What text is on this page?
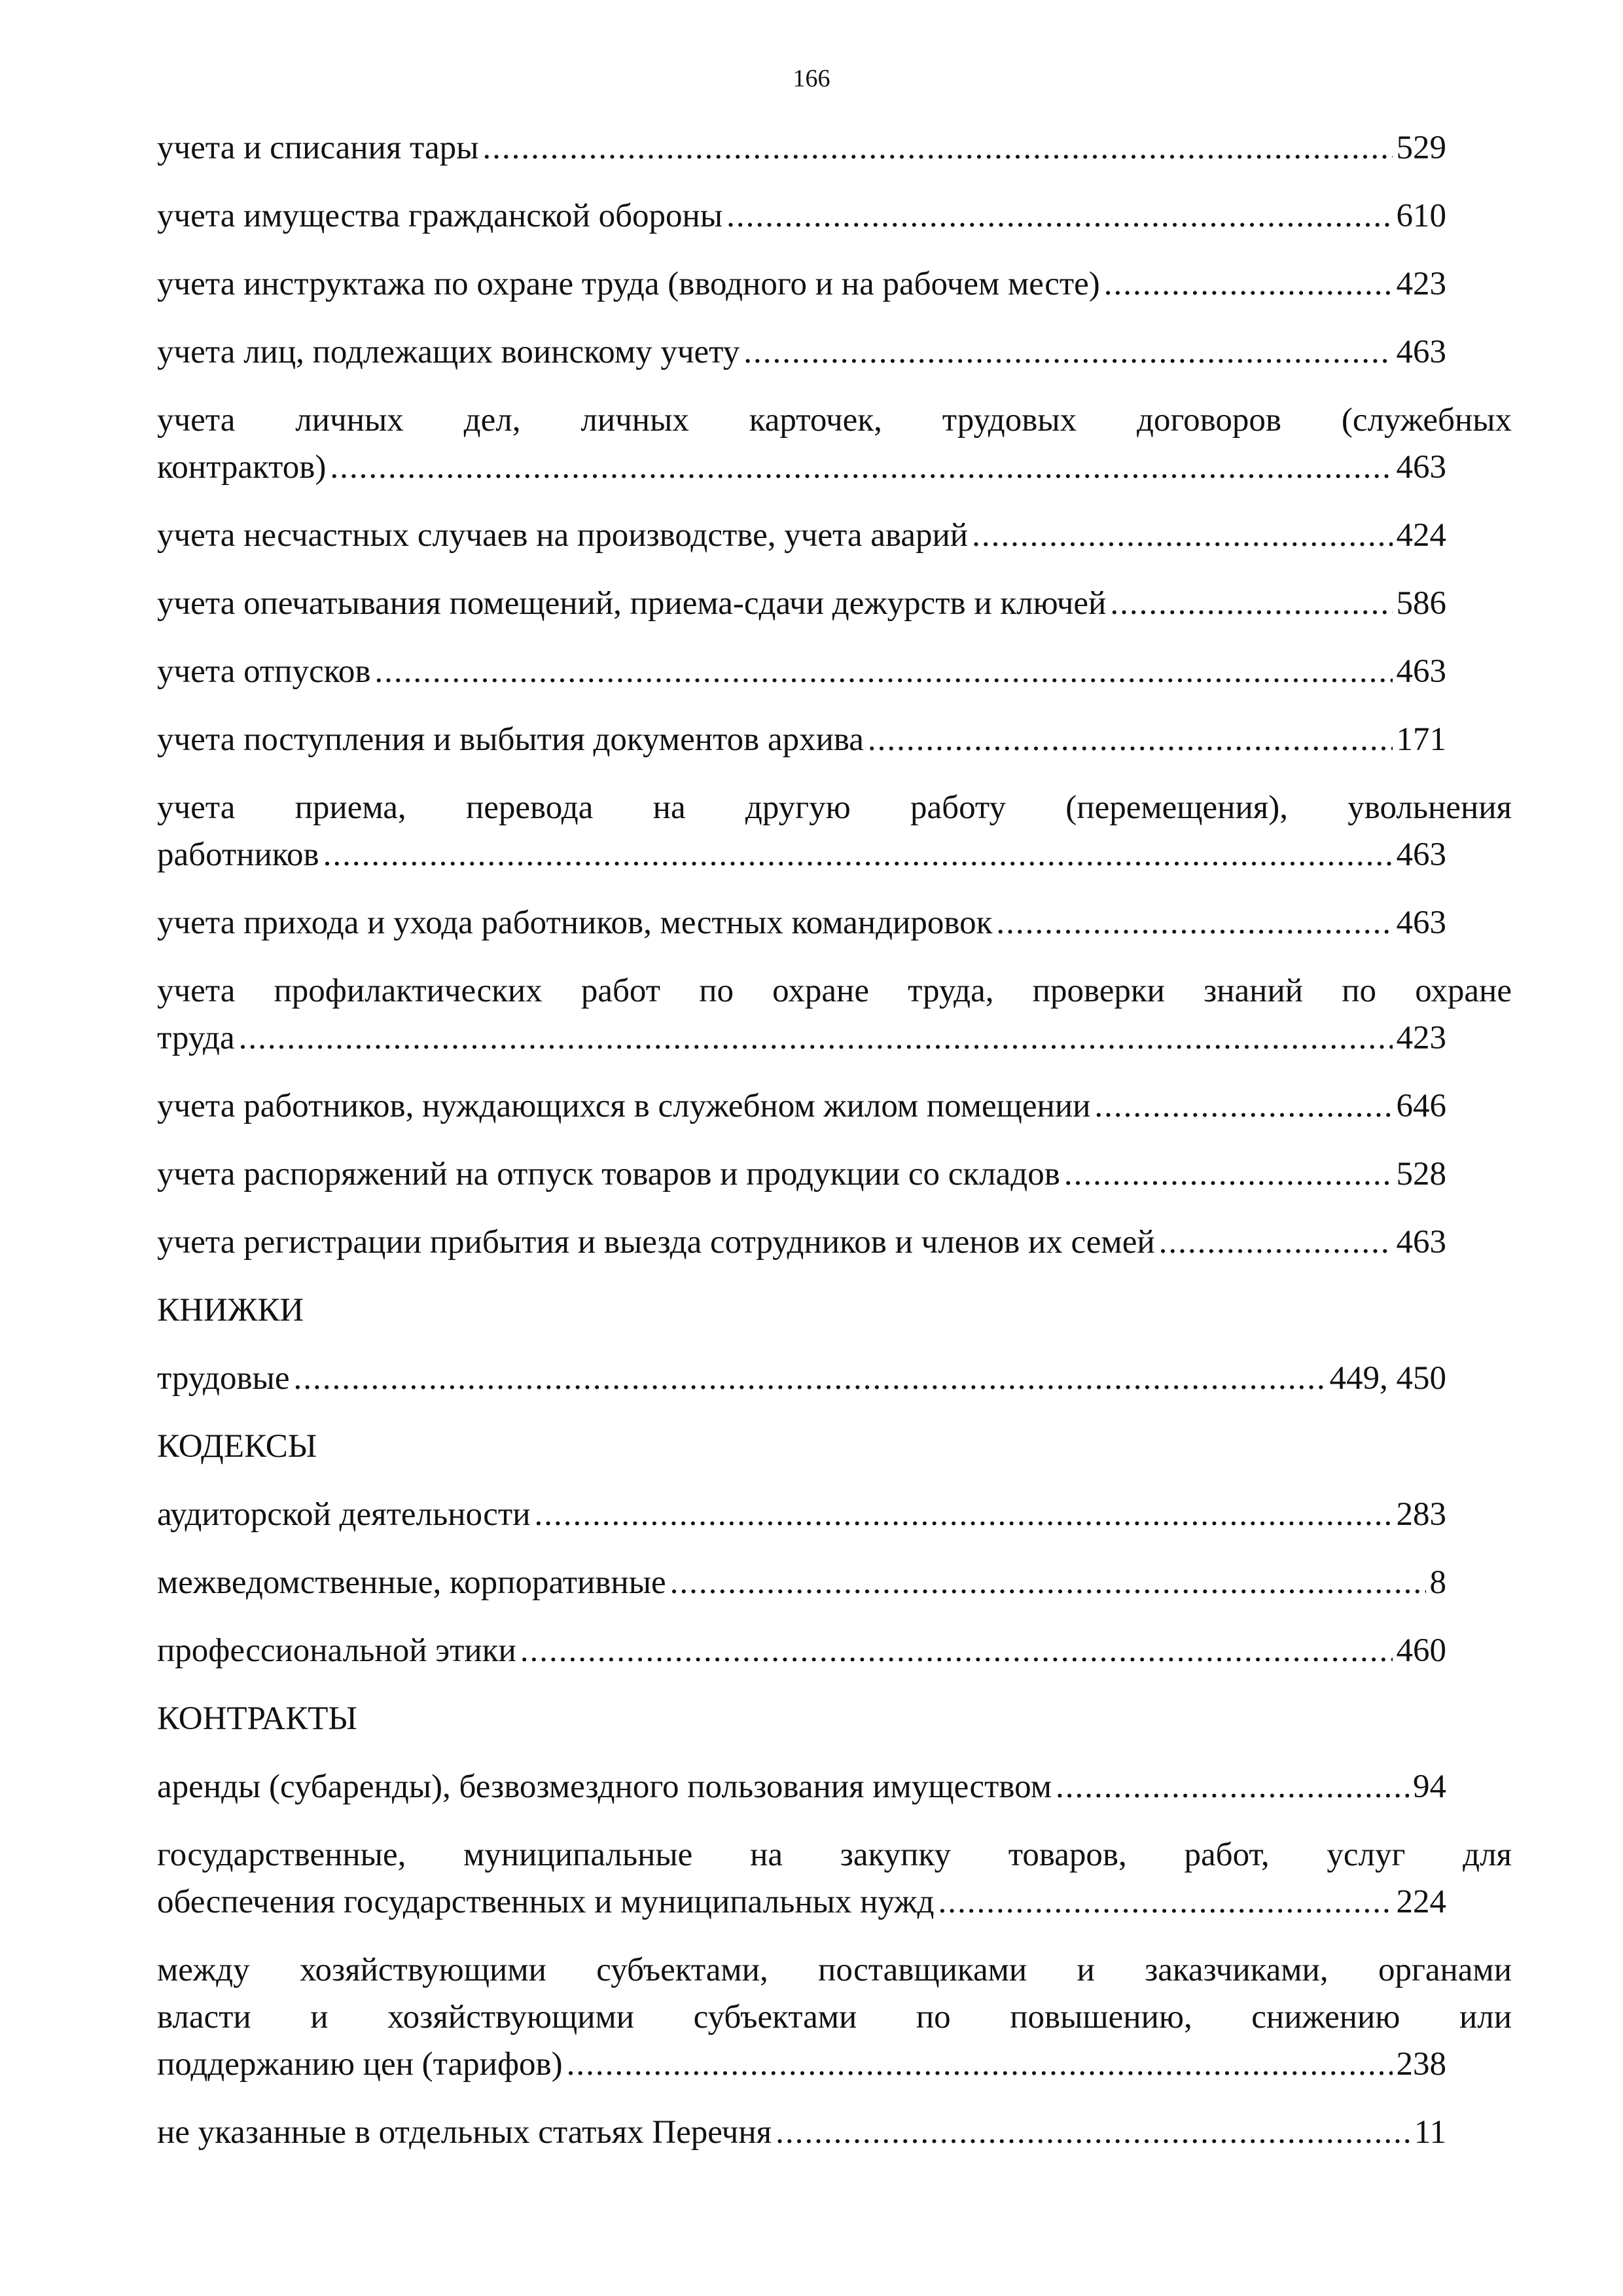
166
учета и списания тары .....	529
учета имущества гражданской обороны .....	610
учета инструктажа по охране труда (вводного и на рабочем месте) .....	423
учета лиц, подлежащих воинскому учету .....	463
учета личных дел, личных карточек, трудовых договоров (служебных
контрактов) .....	463
учета несчастных случаев на производстве, учета аварий .....	424
учета опечатывания помещений, приема-сдачи дежурств и ключей .....	586
учета отпусков .....	463
учета поступления и выбытия документов архива .....	171
учета приема, перевода на другую работу (перемещения), увольнения
работников .....	463
учета прихода и ухода работников, местных командировок .....	463
учета профилактических работ по охране труда, проверки знаний по охране
труда .....	423
учета работников, нуждающихся в служебном жилом помещении .....	646
учета распоряжений на отпуск товаров и продукции со складов .....	528
учета регистрации прибытия и выезда сотрудников и членов их семей .....	463
КНИЖКИ
трудовые .....	449, 450
КОДЕКСЫ
аудиторской деятельности .....	283
межведомственные, корпоративные .....	8
профессиональной этики .....	460
КОНТРАКТЫ
аренды (субаренды), безвозмездного пользования имуществом .....	94
государственные, муниципальные на закупку товаров, работ, услуг для
обеспечения государственных и муниципальных нужд .....	224
между хозяйствующими субъектами, поставщиками и заказчиками, органами
власти и хозяйствующими субъектами по повышению, снижению или
поддержанию цен (тарифов) .....	238
не указанные в отдельных статьях Перечня .....	11
